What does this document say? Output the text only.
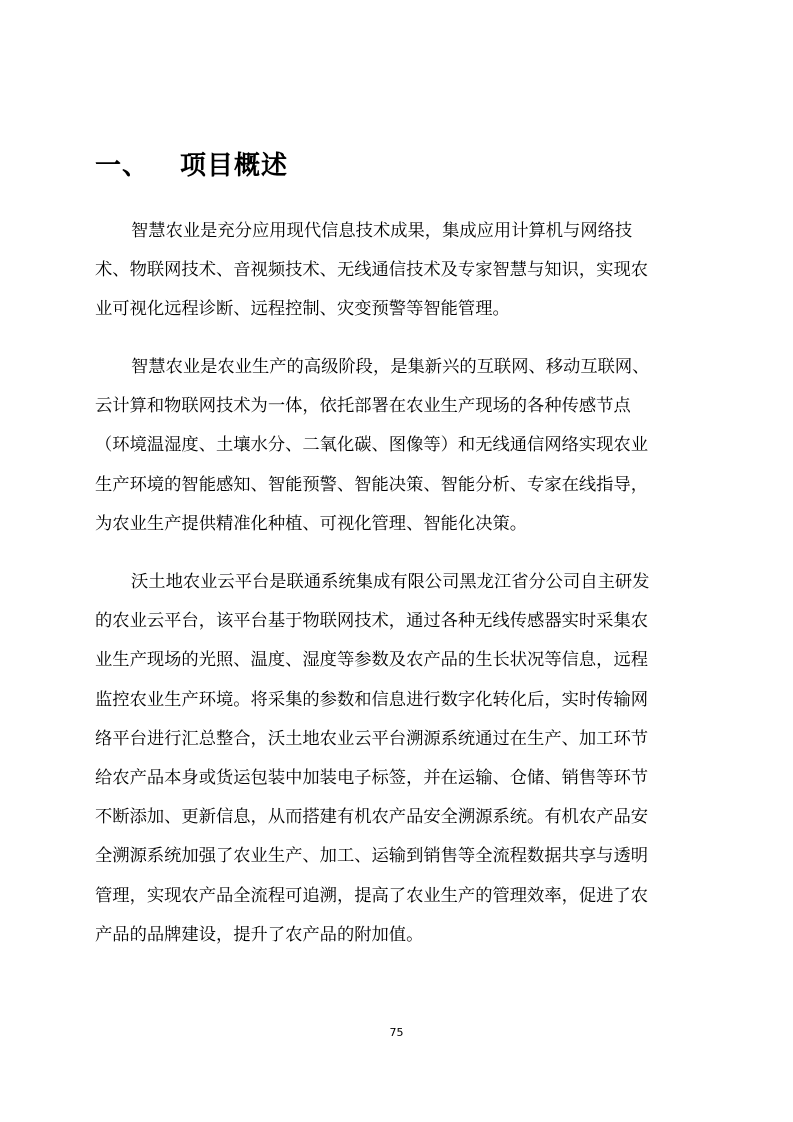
一、 项目概述
智慧农业是充分应用现代信息技术成果，集成应用计算机与网络技
术、物联网技术、音视频技术、无线通信技术及专家智慧与知识，实现农
业可视化远程诊断、远程控制、灾变预警等智能管理。
智慧农业是农业生产的高级阶段，是集新兴的互联网、移动互联网、
云计算和物联网技术为一体，依托部署在农业生产现场的各种传感节点
（环境温湿度、土壤水分、二氧化碳、图像等）和无线通信网络实现农业
生产环境的智能感知、智能预警、智能决策、智能分析、专家在线指导，
为农业生产提供精准化种植、可视化管理、智能化决策。
沃土地农业云平台是联通系统集成有限公司黑龙江省分公司自主研发
的农业云平台，该平台基于物联网技术，通过各种无线传感器实时采集农
业生产现场的光照、温度、湿度等参数及农产品的生长状况等信息，远程
监控农业生产环境。将采集的参数和信息进行数字化转化后，实时传输网
络平台进行汇总整合，沃土地农业云平台溯源系统通过在生产、加工环节
给农产品本身或货运包装中加装电子标签，并在运输、仓储、销售等环节
不断添加、更新信息，从而搭建有机农产品安全溯源系统。有机农产品安
全溯源系统加强了农业生产、加工、运输到销售等全流程数据共享与透明
管理，实现农产品全流程可追溯，提高了农业生产的管理效率，促进了农
产品的品牌建设，提升了农产品的附加值。
75
